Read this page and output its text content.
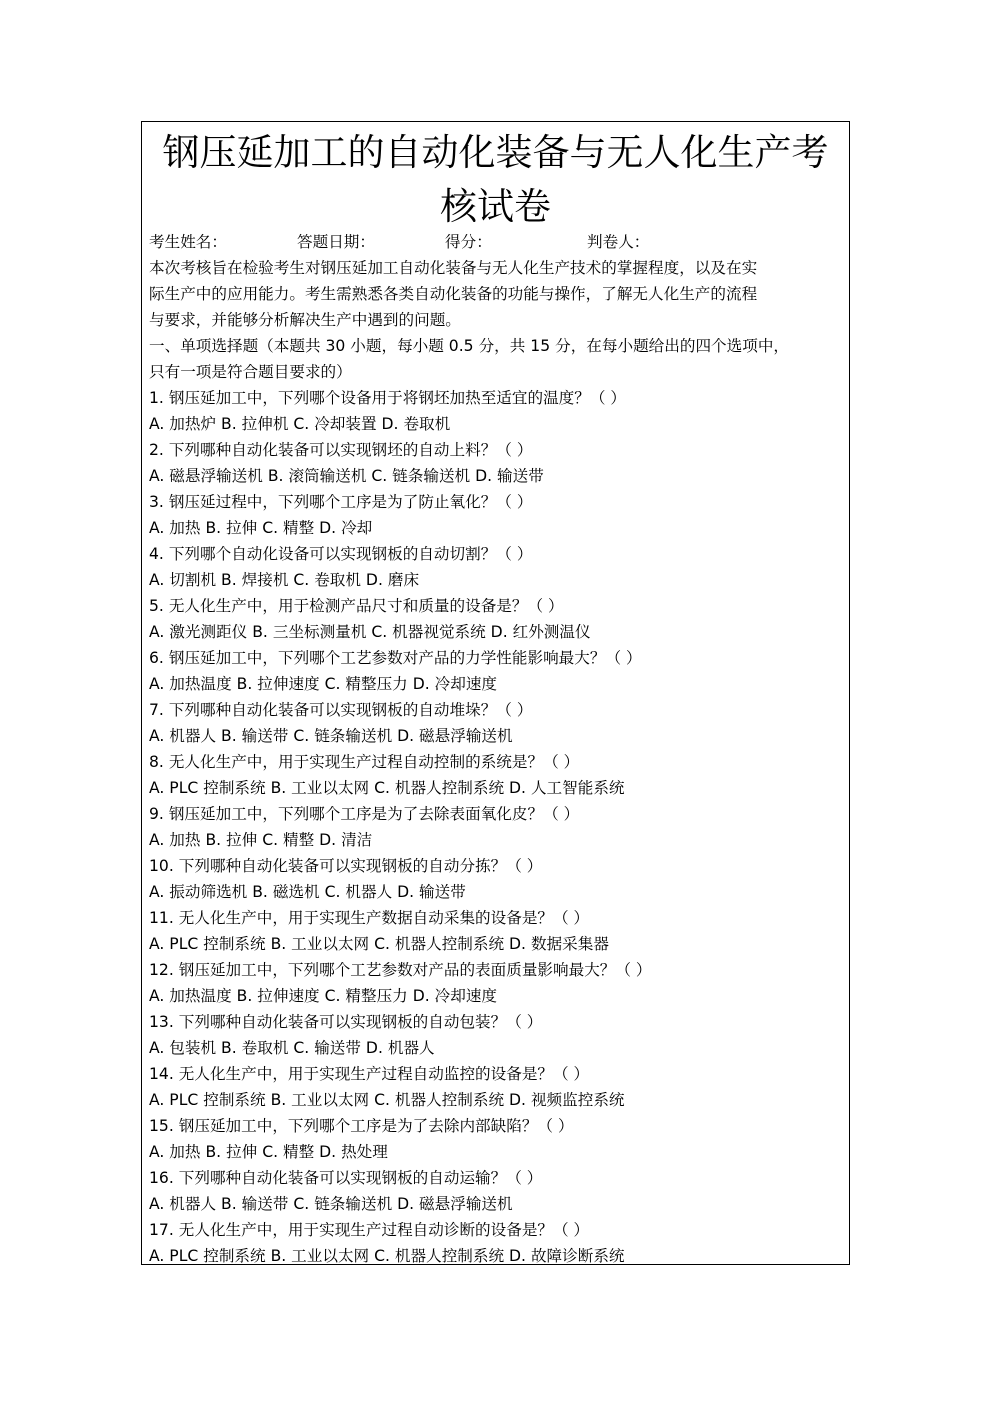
钢压延加工的自动化装备与无人化生产考
核试卷
考生姓名：	答题日期：	得分：	判卷人：
本次考核旨在检验考生对钢压延加工自动化装备与无人化生产技术的掌握程度，以及在实
际生产中的应用能力。考生需熟悉各类自动化装备的功能与操作，了解无人化生产的流程
与要求，并能够分析解决生产中遇到的问题。
一、单项选择题（本题共 30 小题，每小题 0.5 分，共 15 分，在每小题给出的四个选项中，
只有一项是符合题目要求的）
1. 钢压延加工中，下列哪个设备用于将钢坯加热至适宜的温度？（ ）
A. 加热炉 B. 拉伸机 C. 冷却装置 D. 卷取机
2. 下列哪种自动化装备可以实现钢坯的自动上料？（ ）
A. 磁悬浮输送机 B. 滚筒输送机 C. 链条输送机 D. 输送带
3. 钢压延过程中，下列哪个工序是为了防止氧化？（ ）
A. 加热 B. 拉伸 C. 精整 D. 冷却
4. 下列哪个自动化设备可以实现钢板的自动切割？（ ）
A. 切割机 B. 焊接机 C. 卷取机 D. 磨床
5. 无人化生产中，用于检测产品尺寸和质量的设备是？（ ）
A. 激光测距仪 B. 三坐标测量机 C. 机器视觉系统 D. 红外测温仪
6. 钢压延加工中，下列哪个工艺参数对产品的力学性能影响最大？（ ）
A. 加热温度 B. 拉伸速度 C. 精整压力 D. 冷却速度
7. 下列哪种自动化装备可以实现钢板的自动堆垛？（ ）
A. 机器人 B. 输送带 C. 链条输送机 D. 磁悬浮输送机
8. 无人化生产中，用于实现生产过程自动控制的系统是？（ ）
A. PLC 控制系统 B. 工业以太网 C. 机器人控制系统 D. 人工智能系统
9. 钢压延加工中，下列哪个工序是为了去除表面氧化皮？（ ）
A. 加热 B. 拉伸 C. 精整 D. 清洁
10. 下列哪种自动化装备可以实现钢板的自动分拣？（ ）
A. 振动筛选机 B. 磁选机 C. 机器人 D. 输送带
11. 无人化生产中，用于实现生产数据自动采集的设备是？（ ）
A. PLC 控制系统 B. 工业以太网 C. 机器人控制系统 D. 数据采集器
12. 钢压延加工中，下列哪个工艺参数对产品的表面质量影响最大？（ ）
A. 加热温度 B. 拉伸速度 C. 精整压力 D. 冷却速度
13. 下列哪种自动化装备可以实现钢板的自动包装？（ ）
A. 包装机 B. 卷取机 C. 输送带 D. 机器人
14. 无人化生产中，用于实现生产过程自动监控的设备是？（ ）
A. PLC 控制系统 B. 工业以太网 C. 机器人控制系统 D. 视频监控系统
15. 钢压延加工中，下列哪个工序是为了去除内部缺陷？（ ）
A. 加热 B. 拉伸 C. 精整 D. 热处理
16. 下列哪种自动化装备可以实现钢板的自动运输？（ ）
A. 机器人 B. 输送带 C. 链条输送机 D. 磁悬浮输送机
17. 无人化生产中，用于实现生产过程自动诊断的设备是？（ ）
A. PLC 控制系统 B. 工业以太网 C. 机器人控制系统 D. 故障诊断系统
